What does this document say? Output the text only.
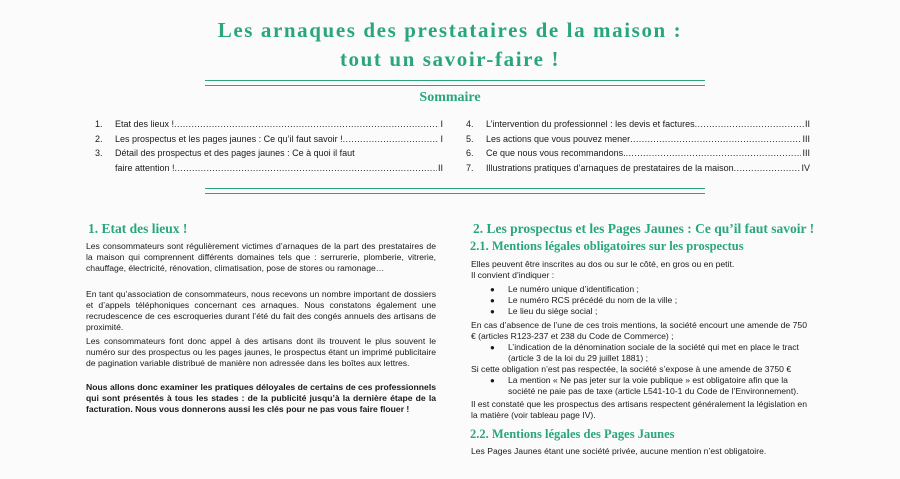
Les arnaques des prestataires de la maison :
tout un savoir-faire !
Sommaire
1.	Etat des lieux ! .....	I
2.	Les prospectus et les pages jaunes : Ce qu’il faut savoir ! .....	I
3.	Détail des prospectus et des pages jaunes : Ce à quoi il faut
faire attention ! .....	II
4.	L’intervention du professionnel : les devis et factures .....	II
5.	Les actions que vous pouvez mener .....	III
6.	Ce que nous vous recommandons. .....	III
7.	Illustrations pratiques d’arnaques de prestataires de la maison .....	IV
1. Etat des lieux !

Les consommateurs sont régulièrement victimes d’arnaques de la part des prestataires de la maison qui comprennent différents domaines tels que : serrurerie, plomberie, vitrerie, chauffage, électricité, rénovation, climatisation, pose de stores ou ramonage…

En tant qu’association de consommateurs, nous recevons un nombre important de dossiers et d’appels téléphoniques concernant ces arnaques. Nous constatons également une recrudescence de ces escroqueries durant l’été du fait des congés annuels des artisans de proximité.

Les consommateurs font donc appel à des artisans dont ils trouvent le plus souvent le numéro sur des prospectus ou les pages jaunes, le prospectus étant un imprimé publicitaire de pagination variable distribué de manière non adressée dans les boîtes aux lettres.

Nous allons donc examiner les pratiques déloyales de certains de ces professionnels qui sont présentés à tous les stades : de la publicité jusqu’à la dernière étape de la facturation. Nous vous donnerons aussi les clés pour ne pas vous faire flouer !

2. Les prospectus et les Pages Jaunes : Ce qu’il faut savoir !
2.1. Mentions légales obligatoires sur les prospectus
Elles peuvent être inscrites au dos ou sur le côté, en gros ou en petit.
Il convient d’indiquer :
● Le numéro unique d’identification ;
● Le numéro RCS précédé du nom de la ville ;
● Le lieu du siège social ;

En cas d’absence de l’une de ces trois mentions, la société encourt une amende de 750 € (articles R123-237 et 238 du Code de Commerce) ;

● L’indication de la dénomination sociale de la société qui met en place le tract (article 3 de la loi du 29 juillet 1881) ;
Si cette obligation n’est pas respectée, la société s’expose à une amende de 3750 €
● La mention « Ne pas jeter sur la voie publique » est obligatoire afin que la société ne paie pas de taxe (article L541-10-1 du Code de l’Environnement).

Il est constaté que les prospectus des artisans respectent généralement la législation en la matière (voir tableau page IV).

2.2. Mentions légales des Pages Jaunes
Les Pages Jaunes étant une société privée, aucune mention n’est obligatoire.
